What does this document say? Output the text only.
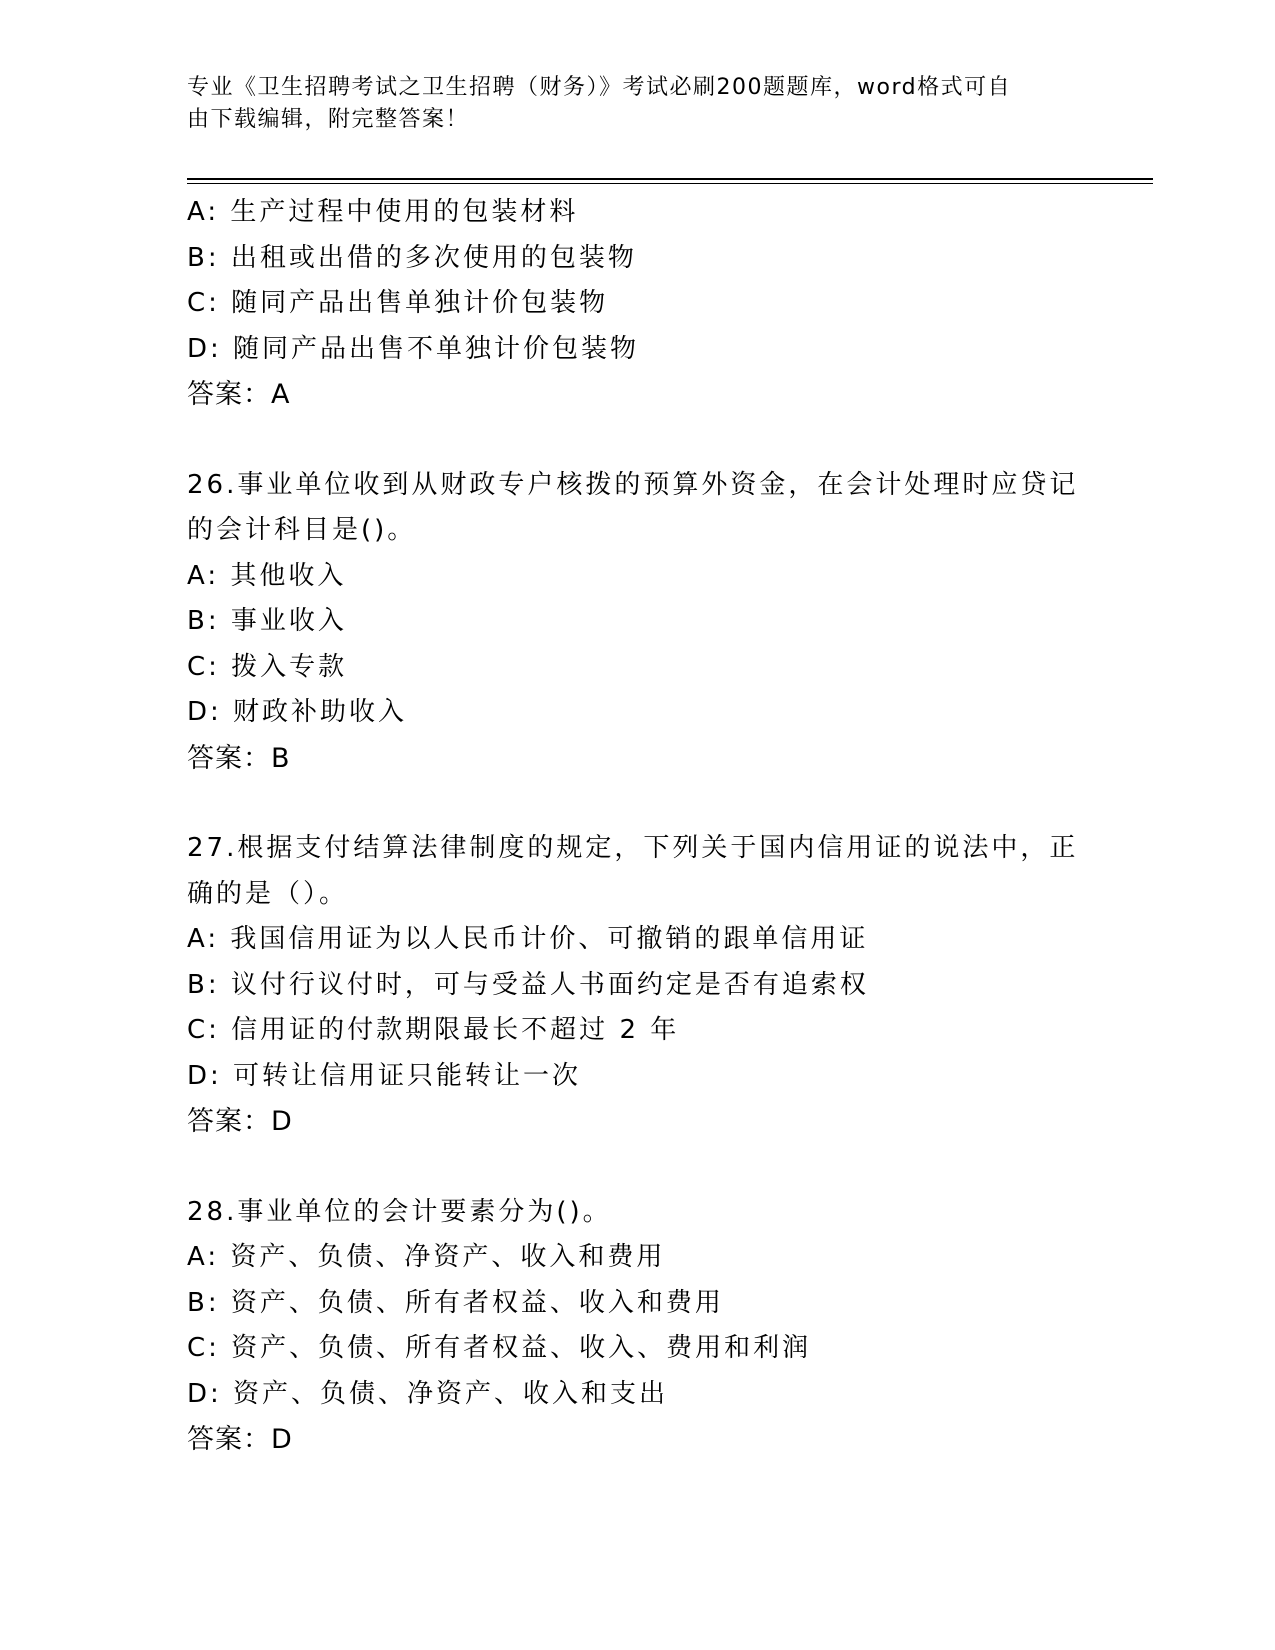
专业《卫生招聘考试之卫生招聘（财务）》考试必刷200题题库，word格式可自
由下载编辑，附完整答案！
A: 生产过程中使用的包装材料
B: 出租或出借的多次使用的包装物
C: 随同产品出售单独计价包装物
D: 随同产品出售不单独计价包装物
答案：A
26.事业单位收到从财政专户核拨的预算外资金，在会计处理时应贷记
的会计科目是()。
A: 其他收入
B: 事业收入
C: 拨入专款
D: 财政补助收入
答案：B
27.根据支付结算法律制度的规定，下列关于国内信用证的说法中，正
确的是（）。
A: 我国信用证为以人民币计价、可撤销的跟单信用证
B: 议付行议付时，可与受益人书面约定是否有追索权
C: 信用证的付款期限最长不超过 2 年
D: 可转让信用证只能转让一次
答案：D
28.事业单位的会计要素分为()。
A: 资产、负债、净资产、收入和费用
B: 资产、负债、所有者权益、收入和费用
C: 资产、负债、所有者权益、收入、费用和利润
D: 资产、负债、净资产、收入和支出
答案：D
